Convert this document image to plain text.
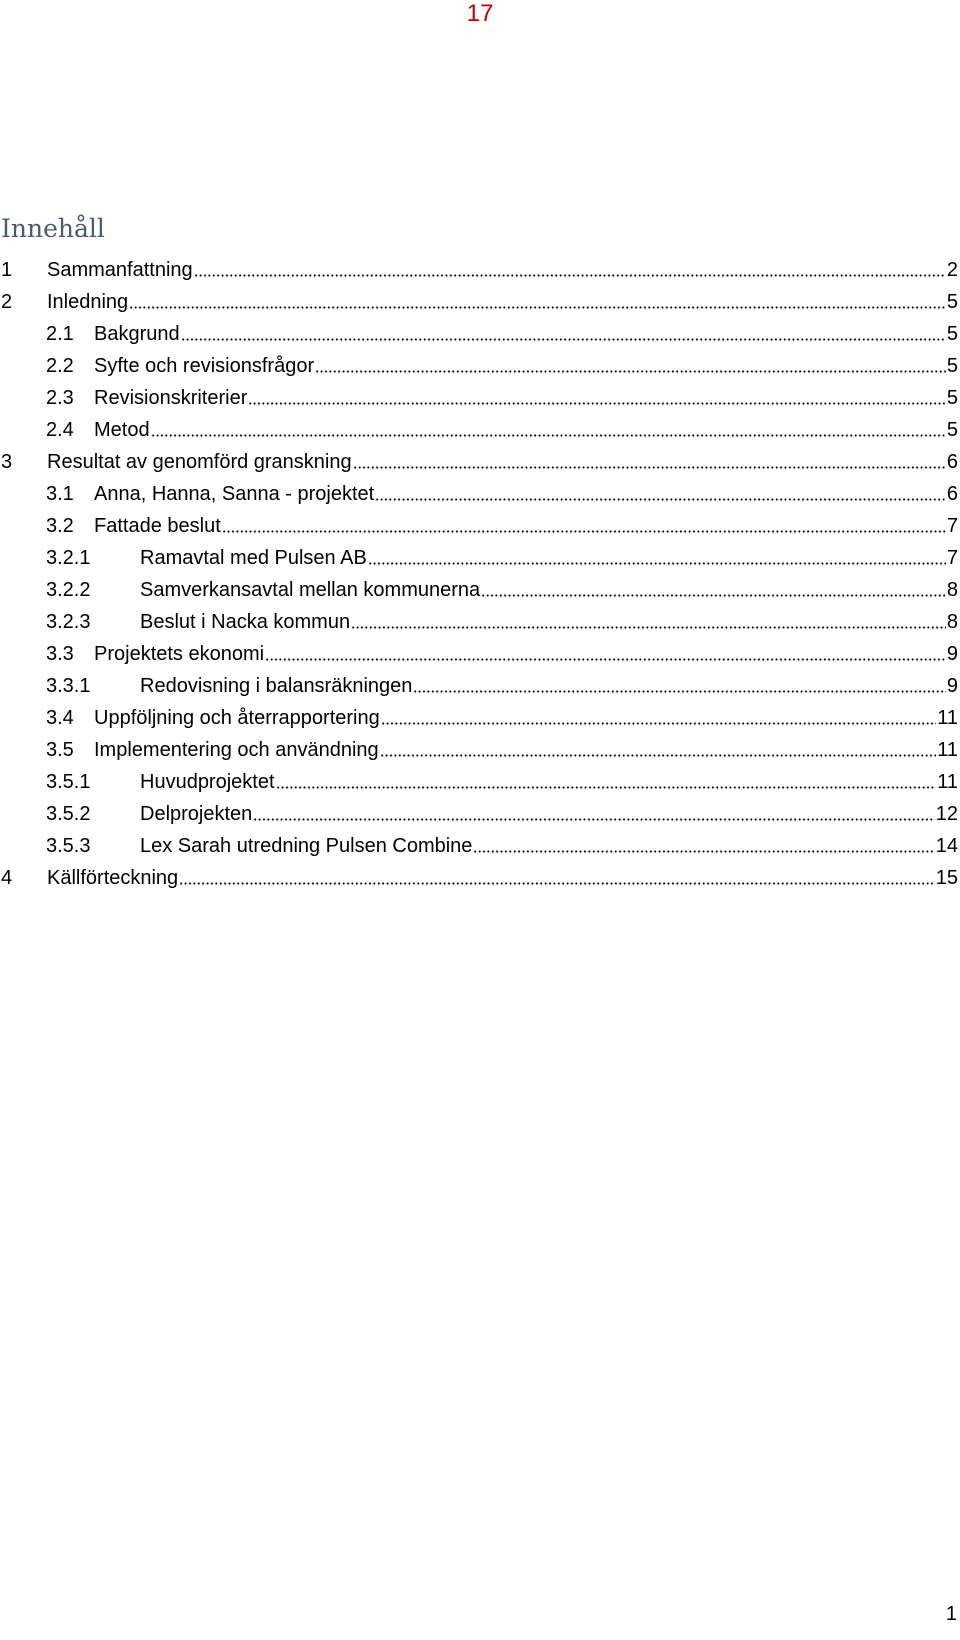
17
Innehåll
1	Sammanfattning	2
2	Inledning	5
2.1	Bakgrund	5
2.2	Syfte och revisionsfrågor	5
2.3	Revisionskriterier	5
2.4	Metod	5
3	Resultat av genomförd granskning	6
3.1	Anna, Hanna, Sanna - projektet	6
3.2	Fattade beslut	7
3.2.1	Ramavtal med Pulsen AB	7
3.2.2	Samverkansavtal mellan kommunerna	8
3.2.3	Beslut i Nacka kommun	8
3.3	Projektets ekonomi	9
3.3.1	Redovisning i balansräkningen	9
3.4	Uppföljning och återrapportering	11
3.5	Implementering och användning	11
3.5.1	Huvudprojektet	11
3.5.2	Delprojekten	12
3.5.3	Lex Sarah utredning Pulsen Combine	14
4	Källförteckning	15
1
